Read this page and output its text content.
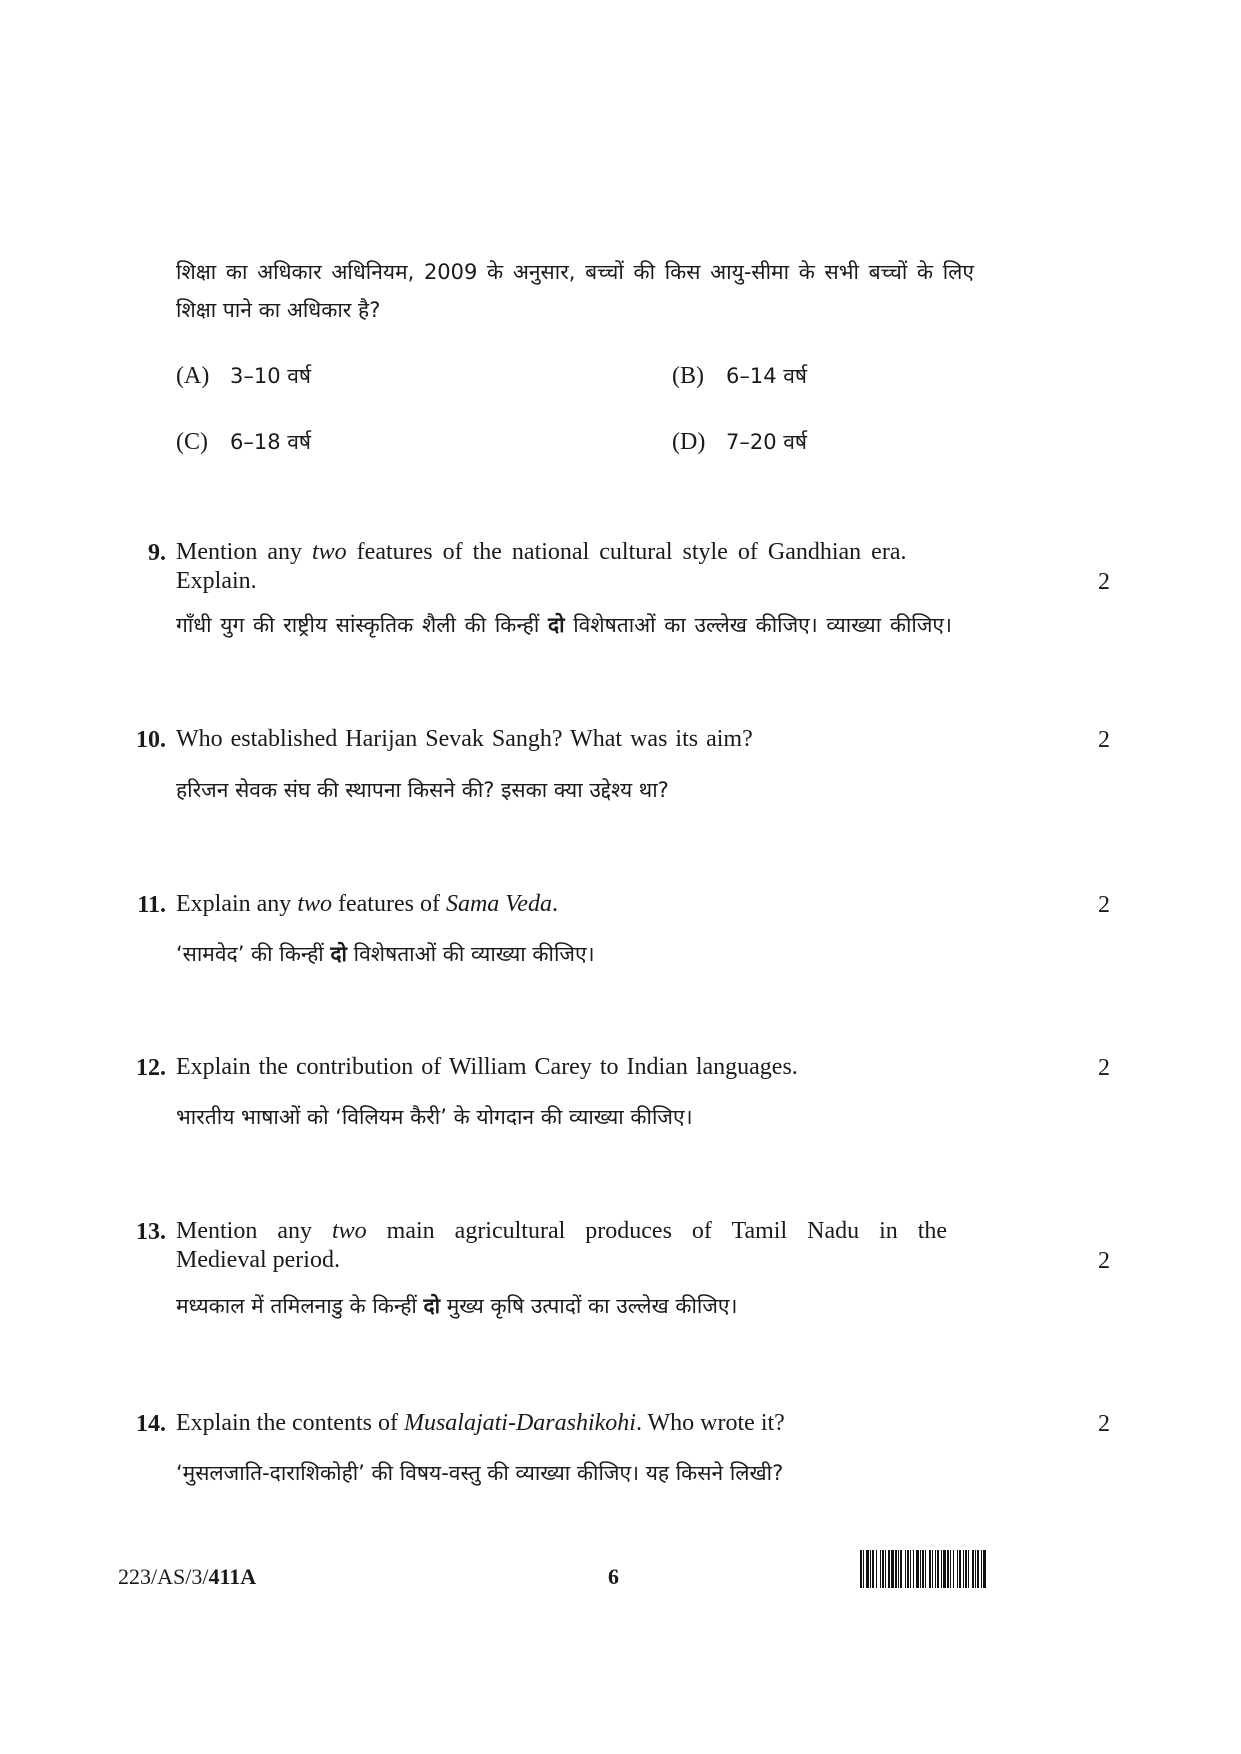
शिक्षा का अधिकार अधिनियम, 2009 के अनुसार, बच्चों की किस आयु-सीमा के सभी बच्चों के लिए
शिक्षा पाने का अधिकार है?
(A) 3–10 वर्ष	(B) 6–14 वर्ष
(C) 6–18 वर्ष	(D) 7–20 वर्ष
9. Mention any two features of the national cultural style of Gandhian era.
Explain.	2
गाँधी युग की राष्ट्रीय सांस्कृतिक शैली की किन्हीं दो विशेषताओं का उल्लेख कीजिए। व्याख्या कीजिए।
10. Who established Harijan Sevak Sangh? What was its aim?	2
हरिजन सेवक संघ की स्थापना किसने की? इसका क्या उद्देश्य था?
11. Explain any two features of Sama Veda.	2
‘सामवेद’ की किन्हीं दो विशेषताओं की व्याख्या कीजिए।
12. Explain the contribution of William Carey to Indian languages.	2
भारतीय भाषाओं को ‘विलियम कैरी’ के योगदान की व्याख्या कीजिए।
13. Mention any two main agricultural produces of Tamil Nadu in the
Medieval period.	2
मध्यकाल में तमिलनाडु के किन्हीं दो मुख्य कृषि उत्पादों का उल्लेख कीजिए।
14. Explain the contents of Musalajati-Darashikohi. Who wrote it?	2
‘मुसलजाति-दाराशिकोही’ की विषय-वस्तु की व्याख्या कीजिए। यह किसने लिखी?
223/AS/3/411A	6
